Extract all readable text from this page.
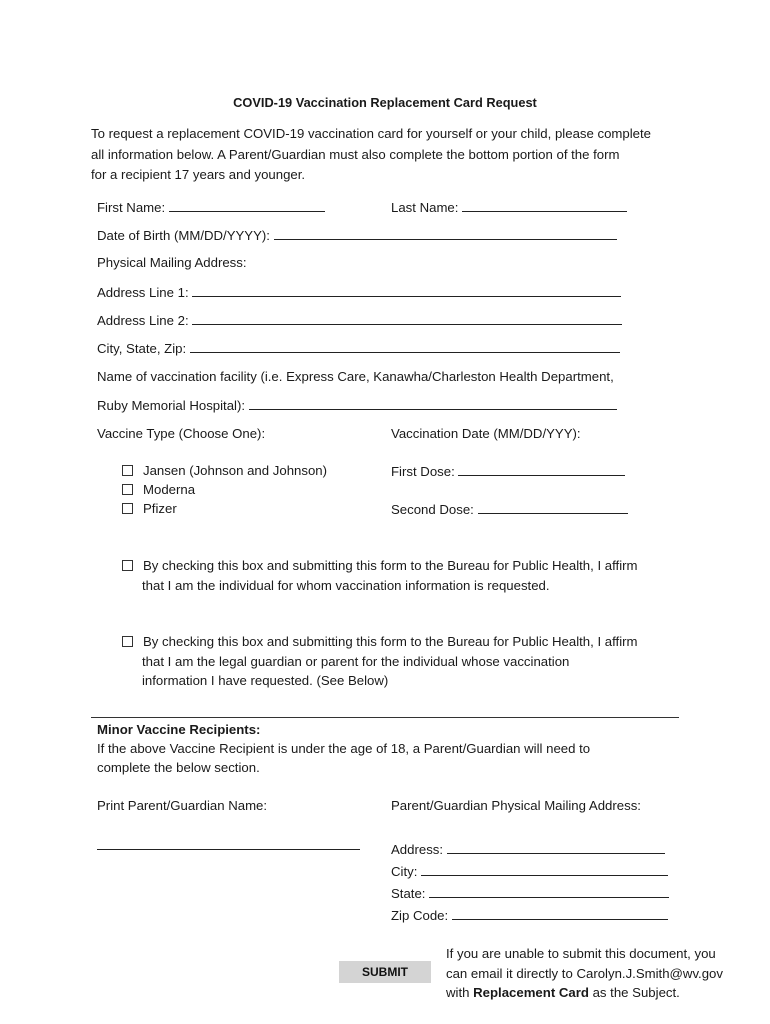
COVID-19 Vaccination Replacement Card Request
To request a replacement COVID-19 vaccination card for yourself or your child, please complete
all information below. A Parent/Guardian must also complete the bottom portion of the form
for a recipient 17 years and younger.
First Name:	Last Name:
Date of Birth (MM/DD/YYYY):
Physical Mailing Address:
Address Line 1:
Address Line 2:
City, State, Zip:
Name of vaccination facility (i.e. Express Care, Kanawha/Charleston Health Department,
Ruby Memorial Hospital):
Vaccine Type (Choose One):	Vaccination Date (MM/DD/YYY):
Jansen (Johnson and Johnson)
Moderna
Pfizer
First Dose:
Second Dose:
By checking this box and submitting this form to the Bureau for Public Health, I affirm
that I am the individual for whom vaccination information is requested.
By checking this box and submitting this form to the Bureau for Public Health, I affirm
that I am the legal guardian or parent for the individual whose vaccination
information I have requested. (See Below)
Minor Vaccine Recipients:
If the above Vaccine Recipient is under the age of 18, a Parent/Guardian will need to
complete the below section.
Print Parent/Guardian Name:	Parent/Guardian Physical Mailing Address:
Address:
City:
State:
Zip Code:
SUBMIT
If you are unable to submit this document, you
can email it directly to Carolyn.J.Smith@wv.gov
with Replacement Card as the Subject.
